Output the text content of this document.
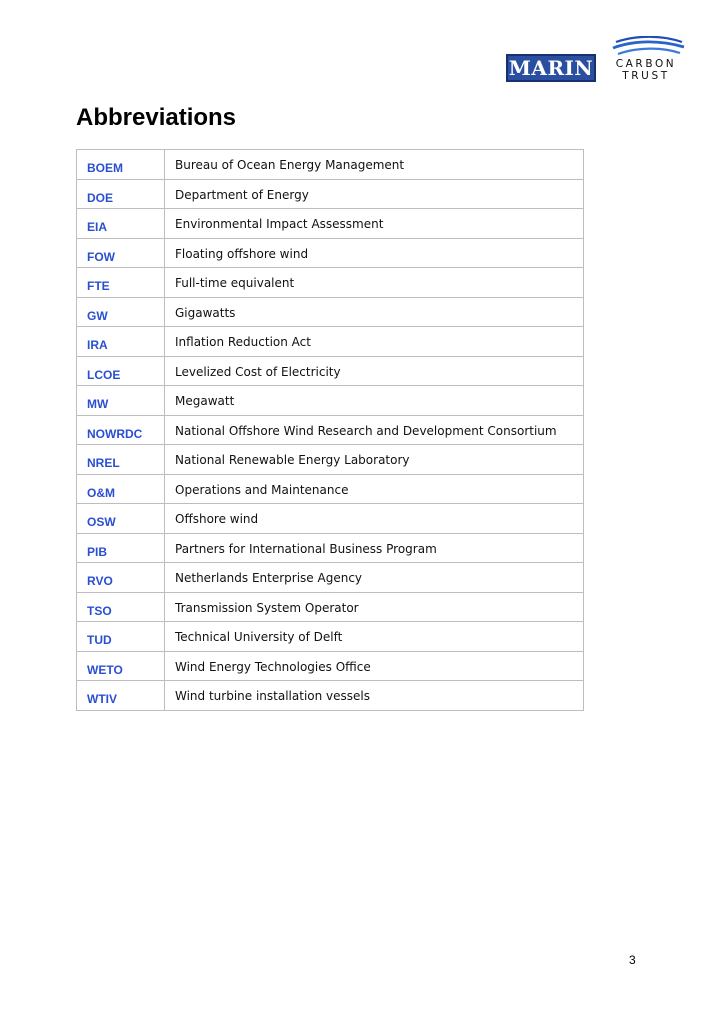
MARIN	CARBON
TRUST
Abbreviations
BOEM	Bureau of Ocean Energy Management
DOE	Department of Energy
EIA	Environmental Impact Assessment
FOW	Floating offshore wind
FTE	Full-time equivalent
GW	Gigawatts
IRA	Inflation Reduction Act
LCOE	Levelized Cost of Electricity
MW	Megawatt
NOWRDC	National Offshore Wind Research and Development Consortium
NREL	National Renewable Energy Laboratory
O&M	Operations and Maintenance
OSW	Offshore wind
PIB	Partners for International Business Program
RVO	Netherlands Enterprise Agency
TSO	Transmission System Operator
TUD	Technical University of Delft
WETO	Wind Energy Technologies Office
WTIV	Wind turbine installation vessels
3
